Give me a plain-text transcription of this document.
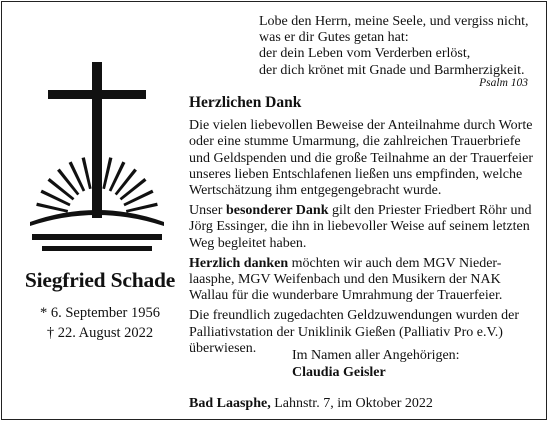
Siegfried Schade
* 6. September 1956
† 22. August 2022
Lobe den Herrn, meine Seele, und vergiss nicht,
was er dir Gutes getan hat:
der dein Leben vom Verderben erlöst,
der dich krönet mit Gnade und Barmherzigkeit.
Psalm 103
Herzlichen Dank
Die vielen liebevollen Beweise der Anteilnahme durch Worte
oder eine stumme Umarmung, die zahlreichen Trauerbriefe
und Geldspenden und die große Teilnahme an der Trauerfeier
unseres lieben Entschlafenen ließen uns empfinden, welche
Wertschätzung ihm entgegengebracht wurde.
Unser besonderer Dank gilt den Priester Friedbert Röhr und
Jörg Essinger, die ihn in liebevoller Weise auf seinem letzten
Weg begleitet haben.
Herzlich danken möchten wir auch dem MGV Nieder-
laasphe, MGV Weifenbach und den Musikern der NAK
Wallau für die wunderbare Umrahmung der Trauerfeier.
Die freundlich zugedachten Geldzuwendungen wurden der
Palliativstation der Uniklinik Gießen (Palliativ Pro e.V.)
überwiesen.	Im Namen aller Angehörigen:
Claudia Geisler
Bad Laasphe, Lahnstr. 7, im Oktober 2022
